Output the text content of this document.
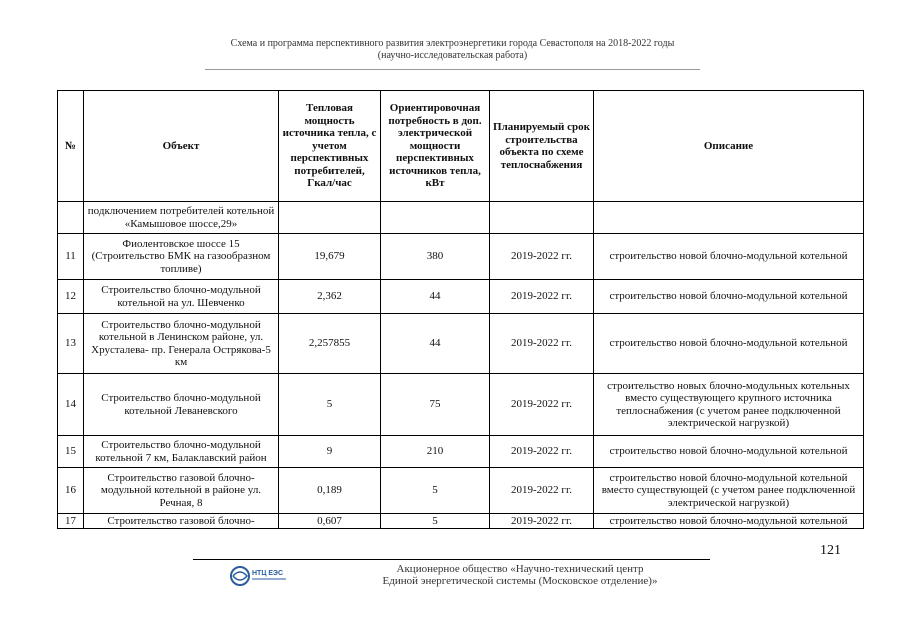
Схема и программа перспективного развития электроэнергетики города Севастополя на 2018-2022 годы
(научно-исследовательская работа)
№	Объект	Тепловая мощность источника тепла, с учетом перспективных потребителей, Гкал/час	Ориентировочная потребность в доп. электрической мощности перспективных источников тепла, кВт	Планируемый срок строительства объекта по схеме теплоснабжения	Описание
	подключением потребителей котельной «Камышовое шоссе,29»				
11	Фиолентовское шоссе 15 (Строительство БМК на газообразном топливе)	19,679	380	2019-2022 гг.	строительство новой блочно-модульной котельной
12	Строительство блочно-модульной котельной на ул. Шевченко	2,362	44	2019-2022 гг.	строительство новой блочно-модульной котельной
13	Строительство блочно-модульной котельной в Ленинском районе, ул. Хрусталева- пр. Генерала Острякова-5 км	2,257855	44	2019-2022 гг.	строительство новой блочно-модульной котельной
14	Строительство блочно-модульной котельной Леваневского	5	75	2019-2022 гг.	строительство новых блочно-модульных котельных вместо существующего крупного источника теплоснабжения (с учетом ранее подключенной электрической нагрузкой)
15	Строительство блочно-модульной котельной 7 км, Балаклавский район	9	210	2019-2022 гг.	строительство новой блочно-модульной котельной
16	Строительство газовой блочно-модульной котельной в районе ул. Речная, 8	0,189	5	2019-2022 гг.	строительство новой блочно-модульной котельной вместо существующей (с учетом ранее подключенной электрической нагрузкой)
17	Строительство газовой блочно-	0,607	5	2019-2022 гг.	строительство новой блочно-модульной котельной
121
НТЦ ЕЭС	Акционерное общество «Научно-технический центр
Единой энергетической системы (Московское отделение)»
